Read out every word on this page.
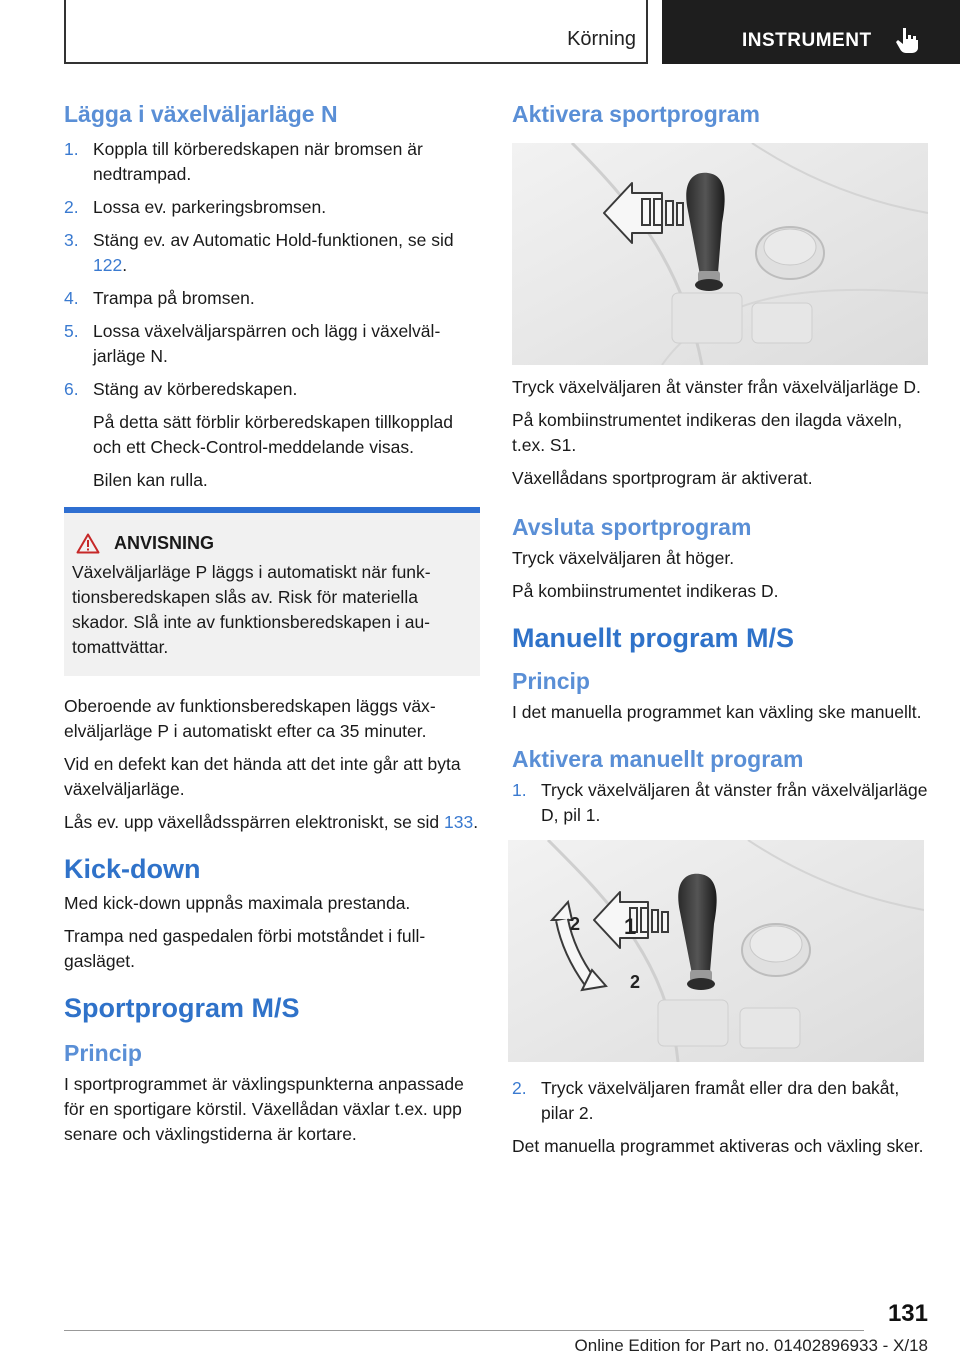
Körning	INSTRUMENT
Lägga i växelväljarläge N
1. Koppla till körberedskapen när bromsen är nedtrampad.
2. Lossa ev. parkeringsbromsen.
3. Stäng ev. av Automatic Hold-funktionen, se sid 122.
4. Trampa på bromsen.
5. Lossa växelväljarspärren och lägg i växelväljarläge N.
6. Stäng av körberedskapen.
På detta sätt förblir körberedskapen tillkopplad och ett Check-Control-meddelande visas.
Bilen kan rulla.
ANVISNING

Växelväljarläge P läggs i automatiskt när funktionsberedskapen slås av. Risk för materiella skador. Slå inte av funktionsberedskapen i automattvättar.

Oberoende av funktionsberedskapen läggs växelväljarläge P i automatiskt efter ca 35 minuter.

Vid en defekt kan det hända att det inte går att byta växelväljarläge.

Lås ev. upp växellådsspärren elektroniskt, se sid 133.

Kick-down

Med kick-down uppnås maximala prestanda.

Trampa ned gaspedalen förbi motståndet i fullgasläget.

Sportprogram M/S
Princip

I sportprogrammet är växlingspunkterna anpassade för en sportigare körstil. Växellådan växlar t.ex. upp senare och växlingstiderna är kortare.

Aktivera sportprogram

Tryck växelväljaren åt vänster från växelväljarläge D.

På kombiinstrumentet indikeras den ilagda växeln, t.ex. S1.

Växellådans sportprogram är aktiverat.

Avsluta sportprogram

Tryck växelväljaren åt höger.

På kombiinstrumentet indikeras D.

Manuellt program M/S
Princip

I det manuella programmet kan växling ske manuellt.

Aktivera manuellt program
1. Tryck växelväljaren åt vänster från växelväljarläge D, pil 1.
1
2
2
2. Tryck växelväljaren framåt eller dra den bakåt, pilar 2.

Det manuella programmet aktiveras och växling sker.

131
Online Edition for Part no. 01402896933 - X/18
